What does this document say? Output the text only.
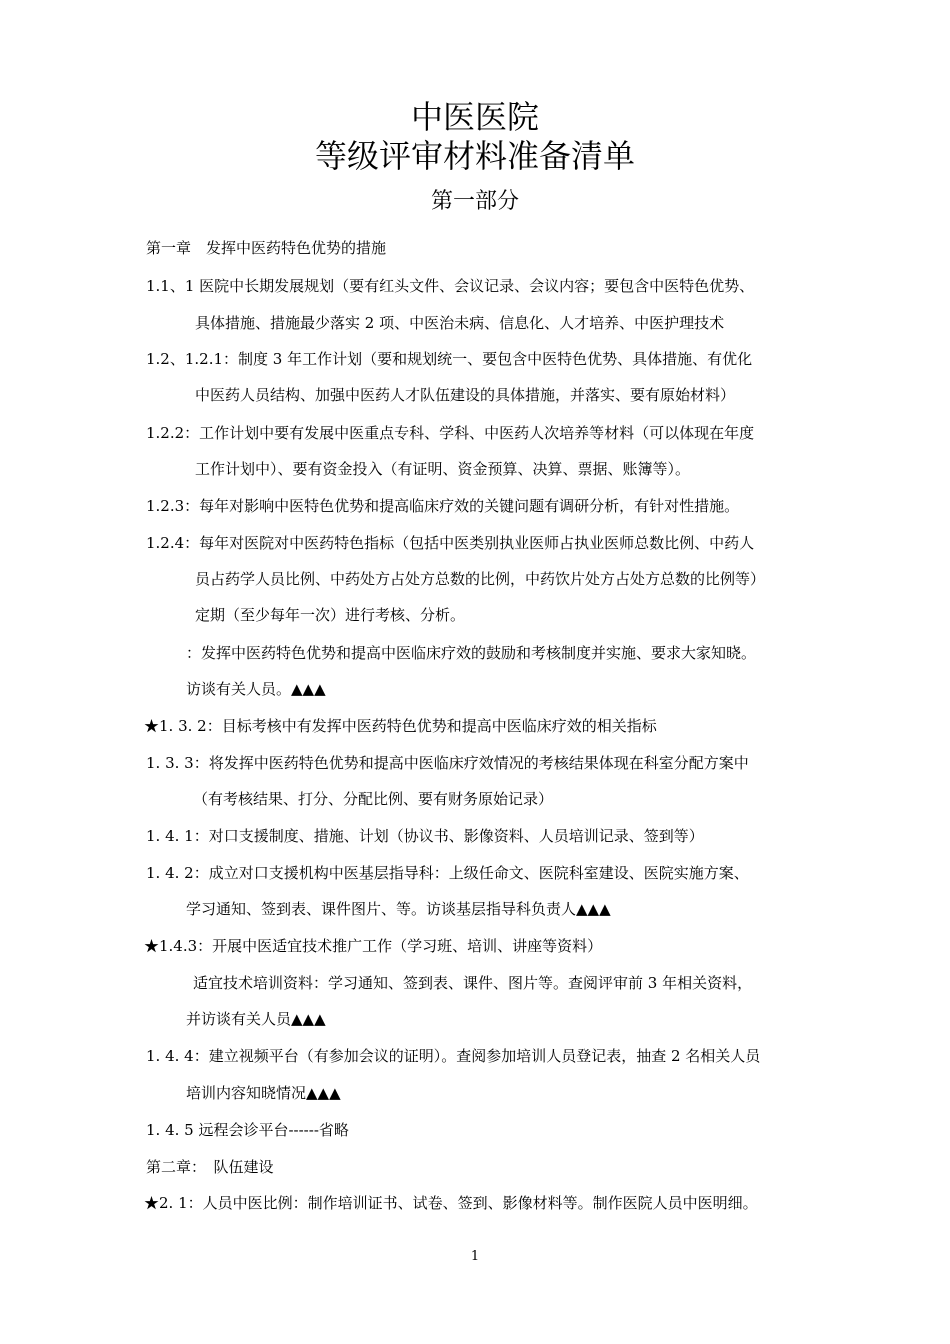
中医医院
等级评审材料准备清单
第一部分
第一章　发挥中医药特色优势的措施
1.1、1 医院中长期发展规划（要有红头文件、会议记录、会议内容；要包含中医特色优势、
具体措施、措施最少落实 2 项、中医治未病、信息化、人才培养、中医护理技术
1.2、1.2.1：制度 3 年工作计划（要和规划统一、要包含中医特色优势、具体措施、有优化
中医药人员结构、加强中医药人才队伍建设的具体措施，并落实、要有原始材料）
1.2.2：工作计划中要有发展中医重点专科、学科、中医药人次培养等材料（可以体现在年度
工作计划中）、要有资金投入（有证明、资金预算、决算、票据、账簿等）。
1.2.3：每年对影响中医特色优势和提高临床疗效的关键问题有调研分析，有针对性措施。
1.2.4：每年对医院对中医药特色指标（包括中医类别执业医师占执业医师总数比例、中药人
员占药学人员比例、中药处方占处方总数的比例，中药饮片处方占处方总数的比例等）
定期（至少每年一次）进行考核、分析。
：发挥中医药特色优势和提高中医临床疗效的鼓励和考核制度并实施、要求大家知晓。
访谈有关人员。▲▲▲
★1. 3. 2：目标考核中有发挥中医药特色优势和提高中医临床疗效的相关指标
1. 3. 3：将发挥中医药特色优势和提高中医临床疗效情况的考核结果体现在科室分配方案中
（有考核结果、打分、分配比例、要有财务原始记录）
1. 4. 1：对口支援制度、措施、计划（协议书、影像资料、人员培训记录、签到等）
1. 4. 2：成立对口支援机构中医基层指导科：上级任命文、医院科室建设、医院实施方案、
学习通知、签到表、课件图片、等。访谈基层指导科负责人▲▲▲
★1.4.3：开展中医适宜技术推广工作（学习班、培训、讲座等资料）
适宜技术培训资料：学习通知、签到表、课件、图片等。查阅评审前 3 年相关资料，
并访谈有关人员▲▲▲
1. 4. 4：建立视频平台（有参加会议的证明）。查阅参加培训人员登记表，抽查 2 名相关人员
培训内容知晓情况▲▲▲
1. 4. 5 远程会诊平台------省略
第二章：　队伍建设
★2. 1：人员中医比例：制作培训证书、试卷、签到、影像材料等。制作医院人员中医明细。
1
